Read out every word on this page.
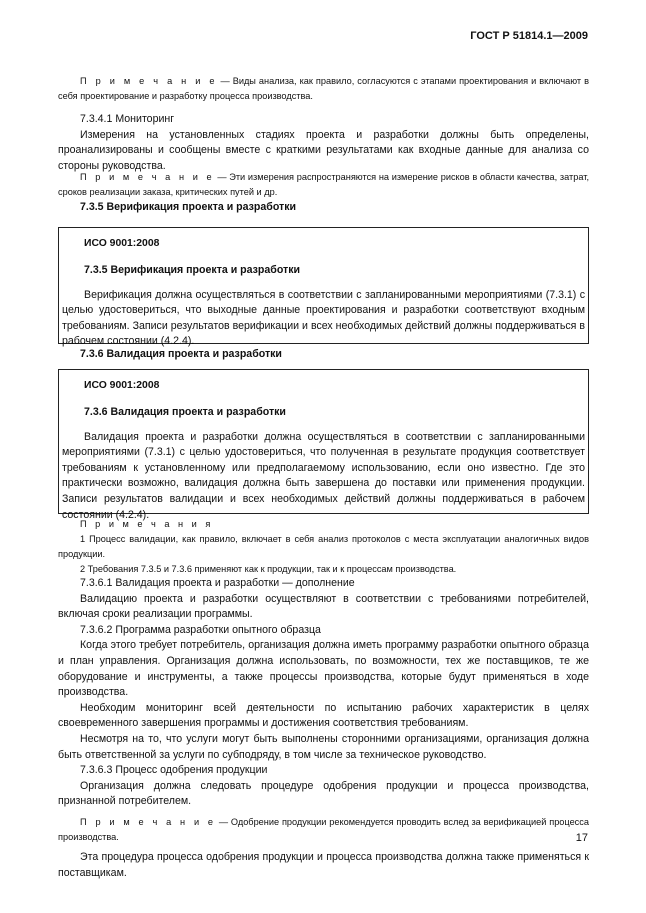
ГОСТ Р 51814.1—2009

П р и м е ч а н и е — Виды анализа, как правило, согласуются с этапами проектирования и включают в себя проектирование и разработку процесса производства.

7.3.4.1 Мониторинг

Измерения на установленных стадиях проекта и разработки должны быть определены, проанализированы и сообщены вместе с краткими результатами как входные данные для анализа со стороны руководства.

П р и м е ч а н и е — Эти измерения распространяются на измерение рисков в области качества, затрат, сроков реализации заказа, критических путей и др.

7.3.5 Верификация проекта и разработки

ИСО 9001:2008

7.3.5 Верификация проекта и разработки

Верификация должна осуществляться в соответствии с запланированными мероприятиями (7.3.1) с целью удостовериться, что выходные данные проектирования и разработки соответствуют входным требованиям. Записи результатов верификации и всех необходимых действий должны поддерживаться в рабочем состоянии (4.2.4).

7.3.6 Валидация проекта и разработки

ИСО 9001:2008

7.3.6 Валидация проекта и разработки

Валидация проекта и разработки должна осуществляться в соответствии с запланированными мероприятиями (7.3.1) с целью удостовериться, что полученная в результате продукция соответствует требованиям к установленному или предполагаемому использованию, если оно известно. Где это практически возможно, валидация должна быть завершена до поставки или применения продукции. Записи результатов валидации и всех необходимых действий должны поддерживаться в рабочем состоянии (4.2.4).

П р и м е ч а н и я

1 Процесс валидации, как правило, включает в себя анализ протоколов с места эксплуатации аналогичных видов продукции.

2 Требования 7.3.5 и 7.3.6 применяют как к продукции, так и к процессам производства.

7.3.6.1 Валидация проекта и разработки — дополнение

Валидацию проекта и разработки осуществляют в соответствии с требованиями потребителей, включая сроки реализации программы.

7.3.6.2 Программа разработки опытного образца

Когда этого требует потребитель, организация должна иметь программу разработки опытного образца и план управления. Организация должна использовать, по возможности, тех же поставщиков, те же оборудование и инструменты, а также процессы производства, которые будут применяться в ходе производства.

Необходим мониторинг всей деятельности по испытанию рабочих характеристик в целях своевременного завершения программы и достижения соответствия требованиям.

Несмотря на то, что услуги могут быть выполнены сторонними организациями, организация должна быть ответственной за услуги по субподряду, в том числе за техническое руководство.

7.3.6.3 Процесс одобрения продукции

Организация должна следовать процедуре одобрения продукции и процесса производства, признанной потребителем.

П р и м е ч а н и е — Одобрение продукции рекомендуется проводить вслед за верификацией процесса производства.

Эта процедура процесса одобрения продукции и процесса производства должна также применяться к поставщикам.

17
